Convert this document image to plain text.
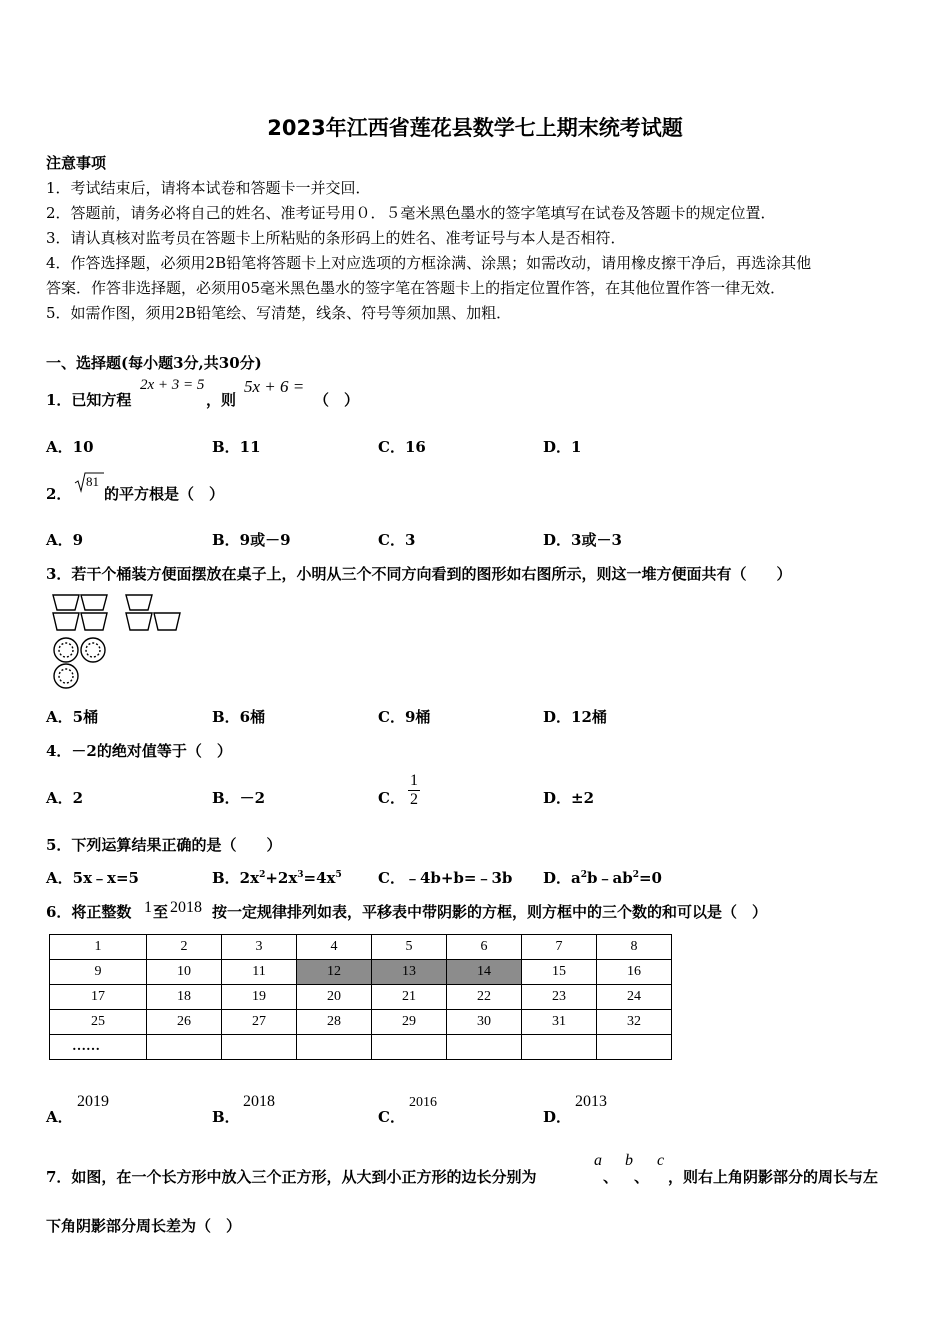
2023年江西省莲花县数学七上期末统考试题
注意事项
1．考试结束后，请将本试卷和答题卡一并交回．
2．答题前，请务必将自己的姓名、准考证号用０．５毫米黑色墨水的签字笔填写在试卷及答题卡的规定位置．
3．请认真核对监考员在答题卡上所粘贴的条形码上的姓名、准考证号与本人是否相符．
4．作答选择题，必须用2B铅笔将答题卡上对应选项的方框涂满、涂黑；如需改动，请用橡皮擦干净后，再选涂其他
答案．作答非选择题，必须用05毫米黑色墨水的签字笔在答题卡上的指定位置作答，在其他位置作答一律无效．
5．如需作图，须用2B铅笔绘、写清楚，线条、符号等须加黑、加粗．
一、选择题(每小题3分,共30分)
1．已知方程
2x + 3 = 5
，则
5x + 6 =
（　）
A．10	B．11	C．16	D．1
2．
81
的平方根是（　）
A．9	B．9或－9	C．3	D．3或－3
3．若干个桶装方便面摆放在桌子上，小明从三个不同方向看到的图形如右图所示，则这一堆方便面共有（　　）
A．5桶	B．6桶	C．9桶	D．12桶
4．－2的绝对值等于（　）
A．2	B．－2	C． $\frac{1}{2}$	D．±2
5．下列运算结果正确的是（　　）
A．5x﹣x=5	B．$2x^2+2x^3=4x^5$ C．﹣4b+b=﹣3b D．$a^2b﹣ab^2=0$
6．将正整数 1 至 2018 按一定规律排列如表，平移表中带阴影的方框，则方框中的三个数的和可以是（　）
1	2	3	4	5	6	7	8
9	10	11	12	13	14	15	16
17	18	19	20	21	22	23	24
25	26	27	28	29	30	31	32
……							
A．
2019
B．
2018
C．
2016
D．
2013
7．如图，在一个长方形中放入三个正方形，从大到小正方形的边长分别为
a
、
b
、
c
，则右上角阴影部分的周长与左
下角阴影部分周长差为（　）
